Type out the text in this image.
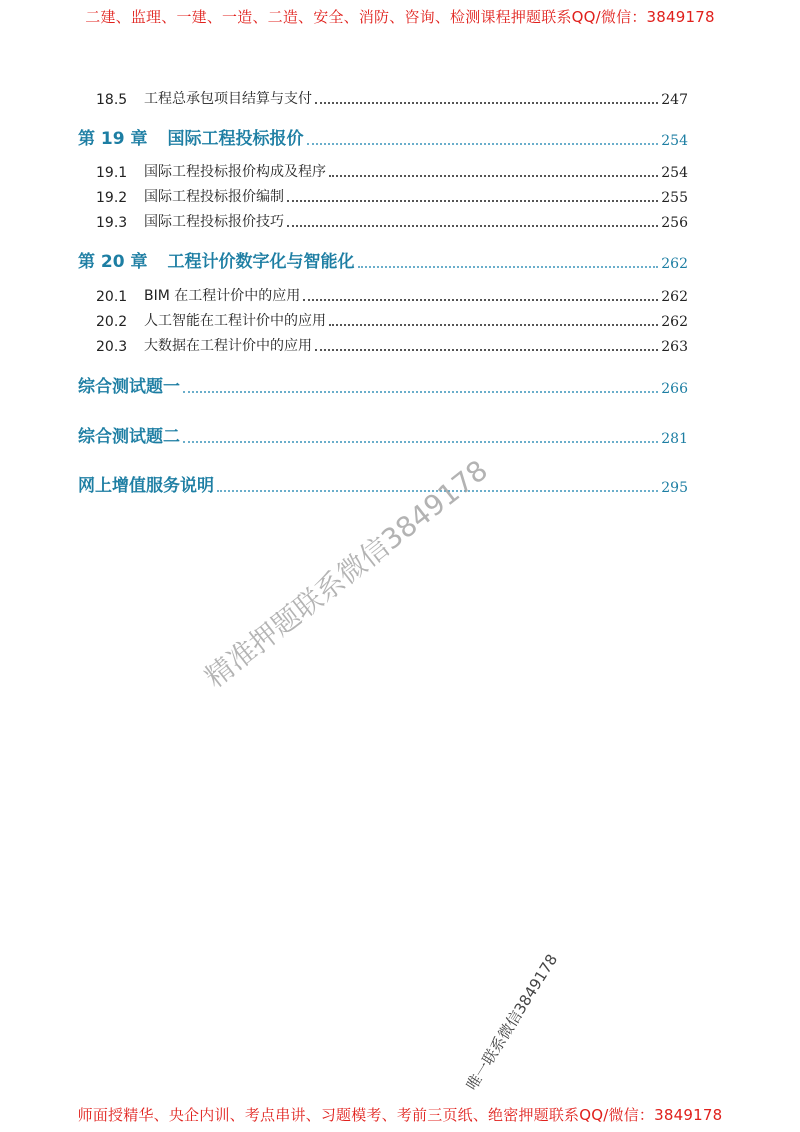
二建、监理、一建、一造、二造、安全、消防、咨询、检测课程押题联系QQ/微信：3849178
18.5	工程总承包项目结算与支付	247
第 19 章 国际工程投标报价	254
19.1	国际工程投标报价构成及程序	254
19.2	国际工程投标报价编制	255
19.3	国际工程投标报价技巧	256
第 20 章 工程计价数字化与智能化	262
20.1	BIM 在工程计价中的应用	262
20.2	人工智能在工程计价中的应用	262
20.3	大数据在工程计价中的应用	263
综合测试题一	266
综合测试题二	281
网上增值服务说明	295
精准押题联系微信3849178
唯一联系微信3849178
师面授精华、央企内训、考点串讲、习题模考、考前三页纸、绝密押题联系QQ/微信：3849178
